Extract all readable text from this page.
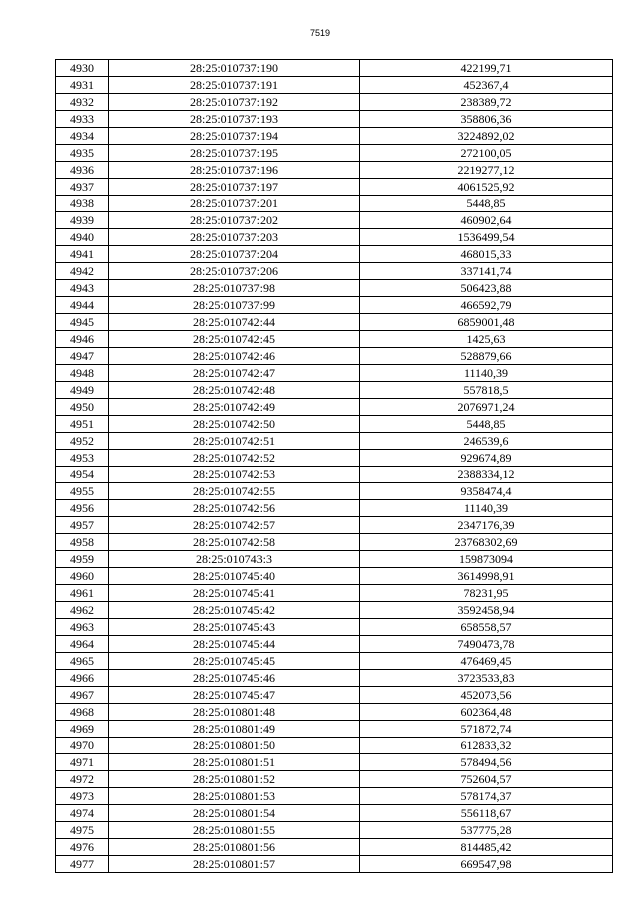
7519
4930	28:25:010737:190	422199,71
4931	28:25:010737:191	452367,4
4932	28:25:010737:192	238389,72
4933	28:25:010737:193	358806,36
4934	28:25:010737:194	3224892,02
4935	28:25:010737:195	272100,05
4936	28:25:010737:196	2219277,12
4937	28:25:010737:197	4061525,92
4938	28:25:010737:201	5448,85
4939	28:25:010737:202	460902,64
4940	28:25:010737:203	1536499,54
4941	28:25:010737:204	468015,33
4942	28:25:010737:206	337141,74
4943	28:25:010737:98	506423,88
4944	28:25:010737:99	466592,79
4945	28:25:010742:44	6859001,48
4946	28:25:010742:45	1425,63
4947	28:25:010742:46	528879,66
4948	28:25:010742:47	11140,39
4949	28:25:010742:48	557818,5
4950	28:25:010742:49	2076971,24
4951	28:25:010742:50	5448,85
4952	28:25:010742:51	246539,6
4953	28:25:010742:52	929674,89
4954	28:25:010742:53	2388334,12
4955	28:25:010742:55	9358474,4
4956	28:25:010742:56	11140,39
4957	28:25:010742:57	2347176,39
4958	28:25:010742:58	23768302,69
4959	28:25:010743:3	159873094
4960	28:25:010745:40	3614998,91
4961	28:25:010745:41	78231,95
4962	28:25:010745:42	3592458,94
4963	28:25:010745:43	658558,57
4964	28:25:010745:44	7490473,78
4965	28:25:010745:45	476469,45
4966	28:25:010745:46	3723533,83
4967	28:25:010745:47	452073,56
4968	28:25:010801:48	602364,48
4969	28:25:010801:49	571872,74
4970	28:25:010801:50	612833,32
4971	28:25:010801:51	578494,56
4972	28:25:010801:52	752604,57
4973	28:25:010801:53	578174,37
4974	28:25:010801:54	556118,67
4975	28:25:010801:55	537775,28
4976	28:25:010801:56	814485,42
4977	28:25:010801:57	669547,98
